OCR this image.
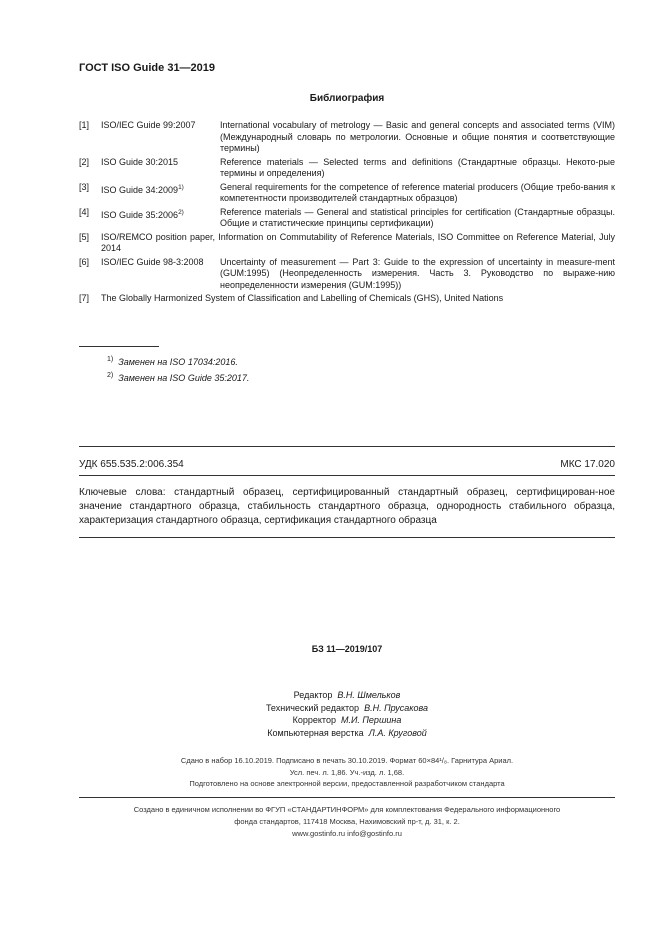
ГОСТ ISO Guide 31—2019
Библиография
[1] ISO/IEC Guide 99:2007	International vocabulary of metrology — Basic and general concepts and associated terms (VIM) (Международный словарь по метрологии. Основные и общие понятия и соответствующие термины)
[2] ISO Guide 30:2015	Reference materials — Selected terms and definitions (Стандартные образцы. Некото-рые термины и определения)
[3] ISO Guide 34:2009$^{1)}$	General requirements for the competence of reference material producers (Общие требо-вания к компетентности производителей стандартных образцов)
[4] ISO Guide 35:2006$^{2)}$	Reference materials — General and statistical principles for certification (Стандартные образцы. Общие и статистические принципы сертификации)
[5] ISO/REMCO position paper, Information on Commutability of Reference Materials, ISO Committee on Reference Material, July 2014
[6] ISO/IEC Guide 98-3:2008 Uncertainty of measurement — Part 3: Guide to the expression of uncertainty in measure-ment (GUM:1995) (Неопределенность измерения. Часть 3. Руководство по выраже-нию неопределенности измерения (GUM:1995))
[7] The Globally Harmonized System of Classification and Labelling of Chemicals (GHS), United Nations
$^{1)}$ Заменен на ISO 17034:2016.
$^{2)}$ Заменен на ISO Guide 35:2017.
УДК 655.535.2:006.354	МКС 17.020
Ключевые слова: стандартный образец, сертифицированный стандартный образец, сертифицирован-ное значение стандартного образца, стабильность стандартного образца, однородность стабильного образца, характеризация стандартного образца, сертификация стандартного образца
БЗ 11—2019/107
Редактор В.Н. Шмельков
Технический редактор В.Н. Прусакова
Корректор М.И. Першина
Компьютерная верстка Л.А. Круговой
Сдано в набор 16.10.2019. Подписано в печать 30.10.2019. Формат 60×84¹/₈. Гарнитура Ариал.
Усл. печ. л. 1,86. Уч.-изд. л. 1,68.
Подготовлено на основе электронной версии, предоставленной разработчиком стандарта
Создано в единичном исполнении во ФГУП «СТАНДАРТИНФОРМ» для комплектования Федерального информационного
фонда стандартов, 117418 Москва, Нахимовский пр-т, д. 31, к. 2.
www.gostinfo.ru info@gostinfo.ru
